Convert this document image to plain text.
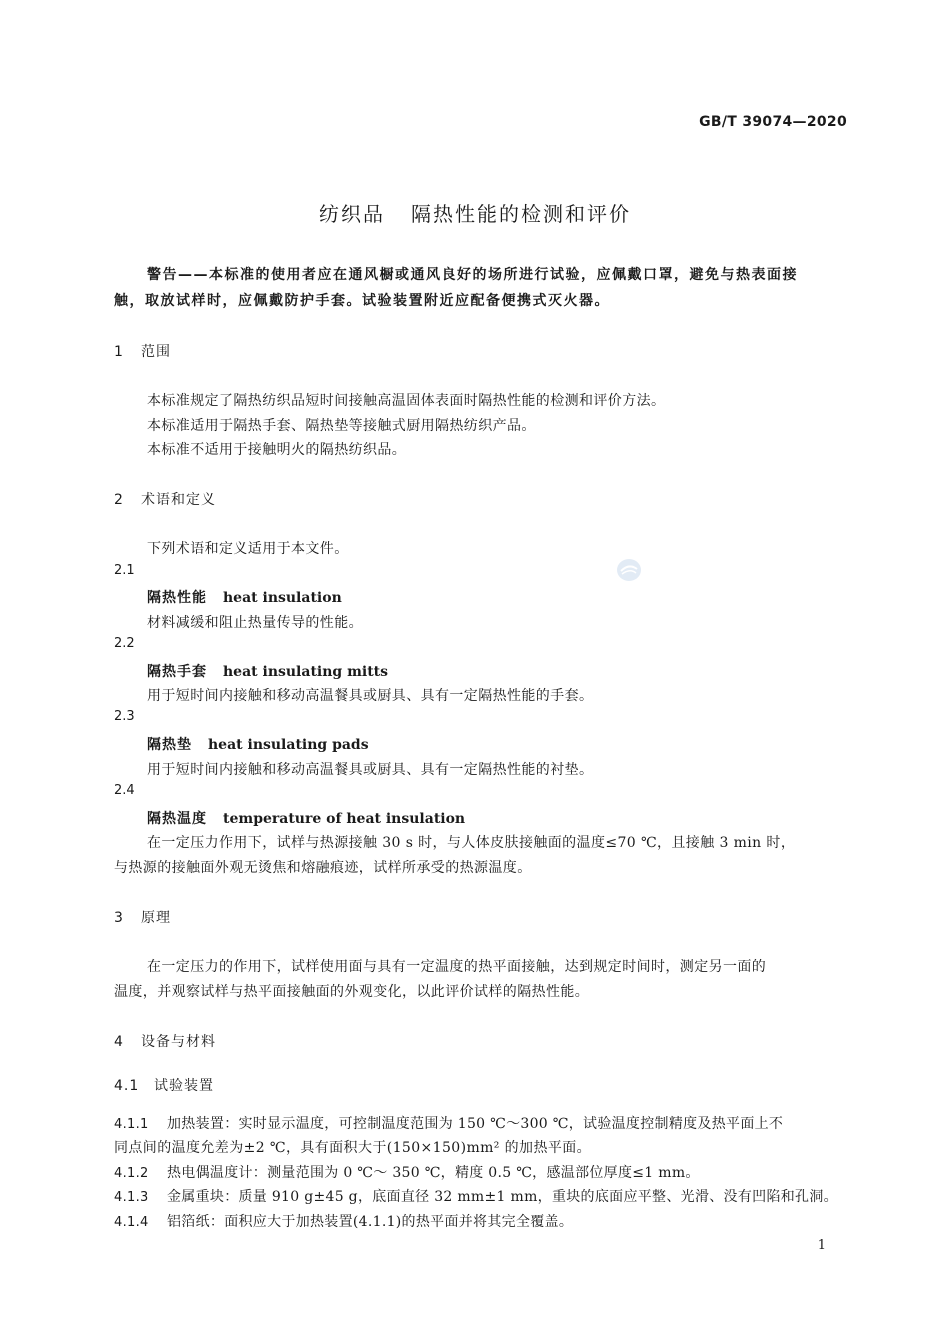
GB/T 39074—2020
纺织品 隔热性能的检测和评价
警告——本标准的使用者应在通风橱或通风良好的场所进行试验，应佩戴口罩，避免与热表面接
触，取放试样时，应佩戴防护手套。试验装置附近应配备便携式灭火器。
1 范围
本标准规定了隔热纺织品短时间接触高温固体表面时隔热性能的检测和评价方法。
本标准适用于隔热手套、隔热垫等接触式厨用隔热纺织产品。
本标准不适用于接触明火的隔热纺织品。
2 术语和定义
下列术语和定义适用于本文件。
2.1
隔热性能 heat insulation
材料减缓和阻止热量传导的性能。
2.2
隔热手套 heat insulating mitts
用于短时间内接触和移动高温餐具或厨具、具有一定隔热性能的手套。
2.3
隔热垫 heat insulating pads
用于短时间内接触和移动高温餐具或厨具、具有一定隔热性能的衬垫。
2.4
隔热温度 temperature of heat insulation
在一定压力作用下，试样与热源接触 30 s 时，与人体皮肤接触面的温度≤70 ℃，且接触 3 min 时，
与热源的接触面外观无烫焦和熔融痕迹，试样所承受的热源温度。
3 原理
在一定压力的作用下，试样使用面与具有一定温度的热平面接触，达到规定时间时，测定另一面的
温度，并观察试样与热平面接触面的外观变化，以此评价试样的隔热性能。
4 设备与材料
4.1 试验装置
4.1.1 加热装置：实时显示温度，可控制温度范围为 150 ℃～300 ℃，试验温度控制精度及热平面上不
同点间的温度允差为±2 ℃，具有面积大于(150×150)mm² 的加热平面。
4.1.2 热电偶温度计：测量范围为 0 ℃～ 350 ℃，精度 0.5 ℃，感温部位厚度≤1 mm。
4.1.3 金属重块：质量 910 g±45 g，底面直径 32 mm±1 mm，重块的底面应平整、光滑、没有凹陷和孔洞。
4.1.4 铝箔纸：面积应大于加热装置(4.1.1)的热平面并将其完全覆盖。
1
